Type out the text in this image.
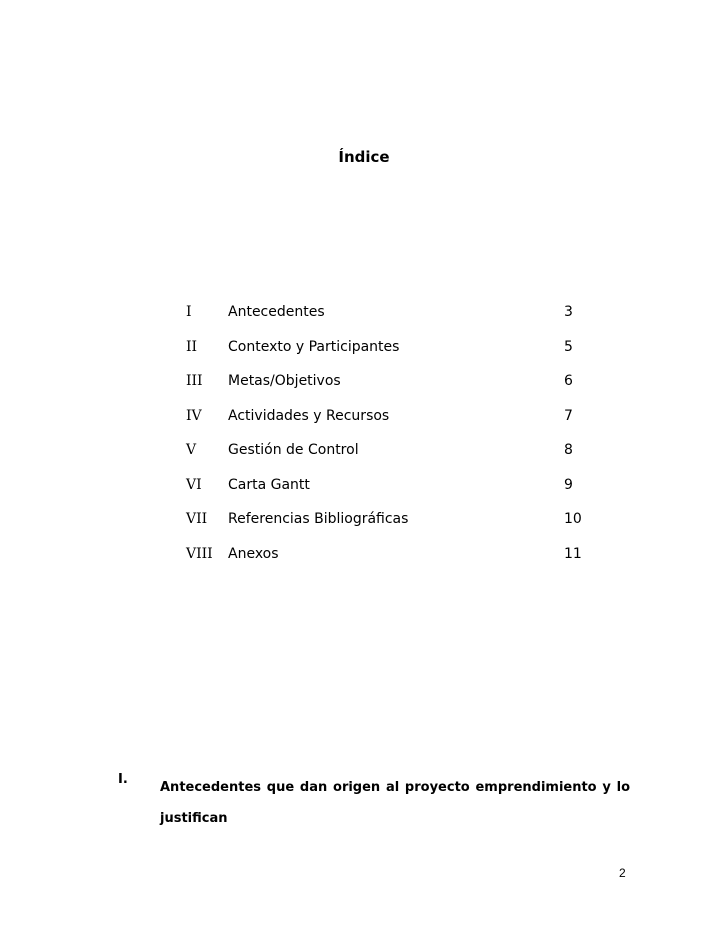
Índice
I	Antecedentes	3
II Contexto y Participantes	5
III Metas/Objetivos	6
IV Actividades y Recursos	7
V Gestión de Control	8
VI Carta Gantt	9
VII Referencias Bibliográficas	10
VIII Anexos	11
I.
Antecedentes que dan origen al proyecto emprendimiento y lo justifican
2
